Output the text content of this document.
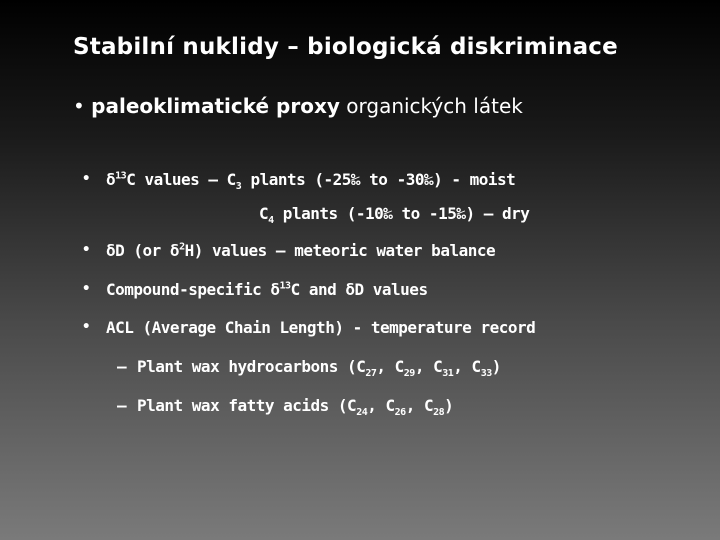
Stabilní nuklidy – biologická diskriminace
• paleoklimatické proxy organických látek
• $\delta^{13}C$ values – $C_3$ plants (-25‰ to -30‰) - moist
$C_4$ plants (-10‰ to -15‰) – dry
• δD (or $\delta^2H$) values – meteoric water balance
• Compound-specific $\delta^{13}C$ and δD values
• ACL (Average Chain Length) - temperature record
– Plant wax hydrocarbons ($C_{27}$, $C_{29}$, $C_{31}$, $C_{33}$)
– Plant wax fatty acids ($C_{24}$, $C_{26}$, $C_{28}$)
